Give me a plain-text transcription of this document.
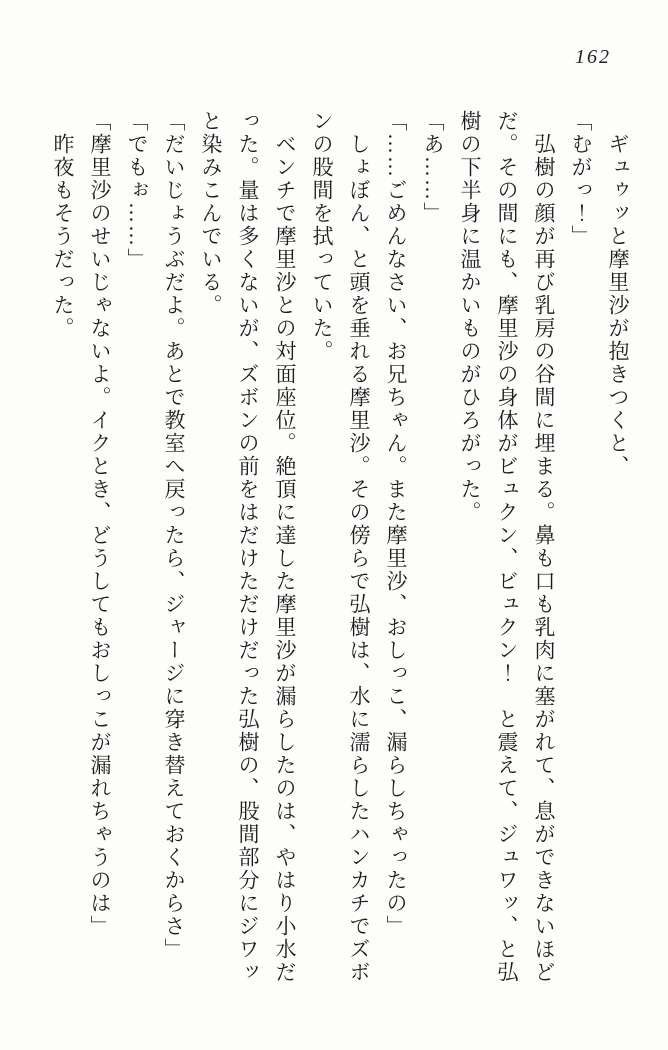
162
　ギュゥッと摩里沙が抱きつくと、
「むがっ！」
　弘樹の顔が再び乳房の谷間に埋まる。鼻も口も乳肉に塞がれて、息ができないほど
だ。その間にも、摩里沙の身体がビュクン、ビュクン！　と震えて、ジュワッ、と弘
樹の下半身に温かいものがひろがった。
「あ……」
「……ごめんなさい、お兄ちゃん。また摩里沙、おしっこ、漏らしちゃったの」
　しょぼん、と頭を垂れる摩里沙。その傍らで弘樹は、水に濡らしたハンカチでズボ
ンの股間を拭っていた。
　ベンチで摩里沙との対面座位。絶頂に達した摩里沙が漏らしたのは、やはり小水だ
った。量は多くないが、ズボンの前をはだけただけだった弘樹の、股間部分にジワッ
と染みこんでいる。
「だいじょうぶだよ。あとで教室へ戻ったら、ジャージに穿き替えておくからさ」
「でもぉ……」
「摩里沙のせいじゃないよ。イクとき、どうしてもおしっこが漏れちゃうのは」
　昨夜もそうだった。
